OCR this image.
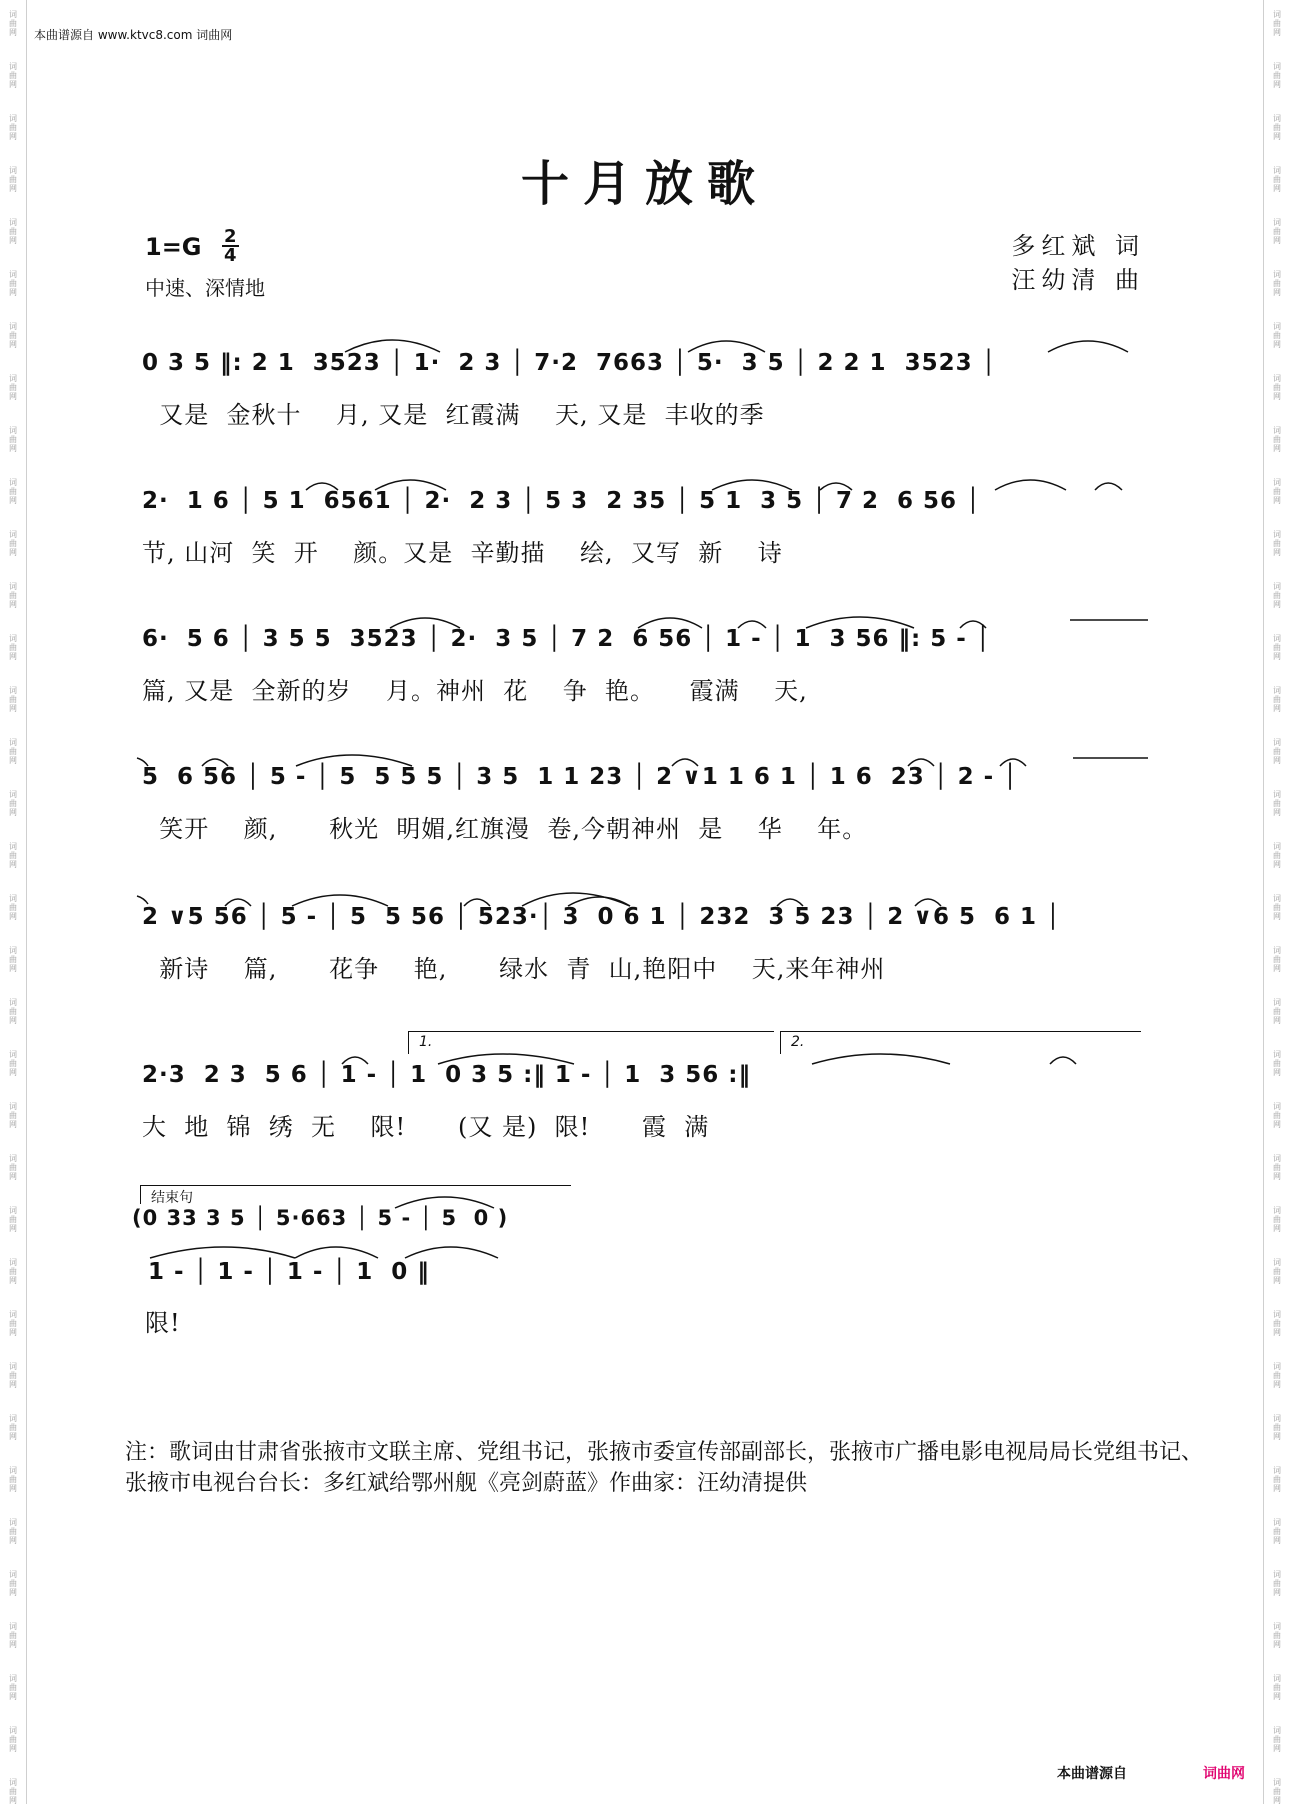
词
曲
网
词
曲
网
词
曲
网
词
曲
网
词
曲
网
词
曲
网
词
曲
网
词
曲
网
词
曲
网
词
曲
网
词
曲
网
词
曲
网
词
曲
网
词
曲
网
词
曲
网
词
曲
网
词
曲
网
词
曲
网
词
曲
网
词
曲
网
词
曲
网
词
曲
网
词
曲
网
词
曲
网
词
曲
网
词
曲
网
词
曲
网
词
曲
网
词
曲
网
词
曲
网
词
曲
网
词
曲
网
词
曲
网
词
曲
网
词
曲
网
词
曲
网
词
曲
网
词
曲
网
词
曲
网
词
曲
网
词
曲
网
词
曲
网
词
曲
网
词
曲
网
词
曲
网
词
曲
网
词
曲
网
词
曲
网
词
曲
网
词
曲
网
词
曲
网
词
曲
网
词
曲
网
词
曲
网
词
曲
网
词
曲
网
词
曲
网
词
曲
网
词
曲
网
词
曲
网
词
曲
网
词
曲
网
词
曲
网
词
曲
网
词
曲
网
词
曲
网
词
曲
网
词
曲
网
词
曲
网
词
曲
网
本曲谱源自 www.ktvc8.com 词曲网
十月放歌
$1=G \frac{2}{4}$
中速、深情地
多红斌 词
汪幼清 曲
0 3 5 ‖: 2 1  3523 │ 1·  2 3 │ 7·2  7663 │ 5·  3 5 │ 2 2 1  3523 │
又是  金秋十    月, 又是  红霞满    天, 又是  丰收的季
2·  1 6 │ 5 1  6561 │ 2·  2 3 │ 5 3  2 35 │ 5 1  3 5 │ 7 2  6 56 │
节, 山河  笑  开    颜。又是  辛勤描    绘,  又写  新    诗
6·  5 6 │ 3 5 5  3523 │ 2·  3 5 │ 7 2  6 56 │ 1 - │ 1  3 56 ‖: 5 - │
篇, 又是  全新的岁    月。神州  花    争  艳。    霞满    天,
5  6 56 │ 5 - │ 5  5 5 5 │ 3 5  1 1 23 │ 2 ∨1 1 6 1 │ 1 6  23 │ 2 - │
笑开    颜,      秋光  明媚,红旗漫  卷,今朝神州  是    华    年。
2 ∨5 56 │ 5 - │ 5  5 56 │ 523·│ 3  0 6 1 │ 232  3 5 23 │ 2 ∨6 5  6 1 │
新诗    篇,      花争    艳,      绿水  青  山,艳阳中    天,来年神州
1.	2.
2·3  2 3  5 6 │ 1 - │ 1  0 3 5 :‖ 1 - │ 1  3 56 :‖
大  地  锦  绣  无    限!      (又 是)  限!      霞  满
结束句
(0 33 3 5 │ 5·663 │ 5 - │ 5  0 )
1 - │ 1 - │ 1 - │ 1  0 ‖
限!
注：歌词由甘肃省张掖市文联主席、党组书记，张掖市委宣传部副部长，张掖市广播电影电视局局长党组书记、张掖市电视台台长：多红斌给鄂州舰《亮剑蔚蓝》作曲家：汪幼清提供
本曲谱源自	词曲网
